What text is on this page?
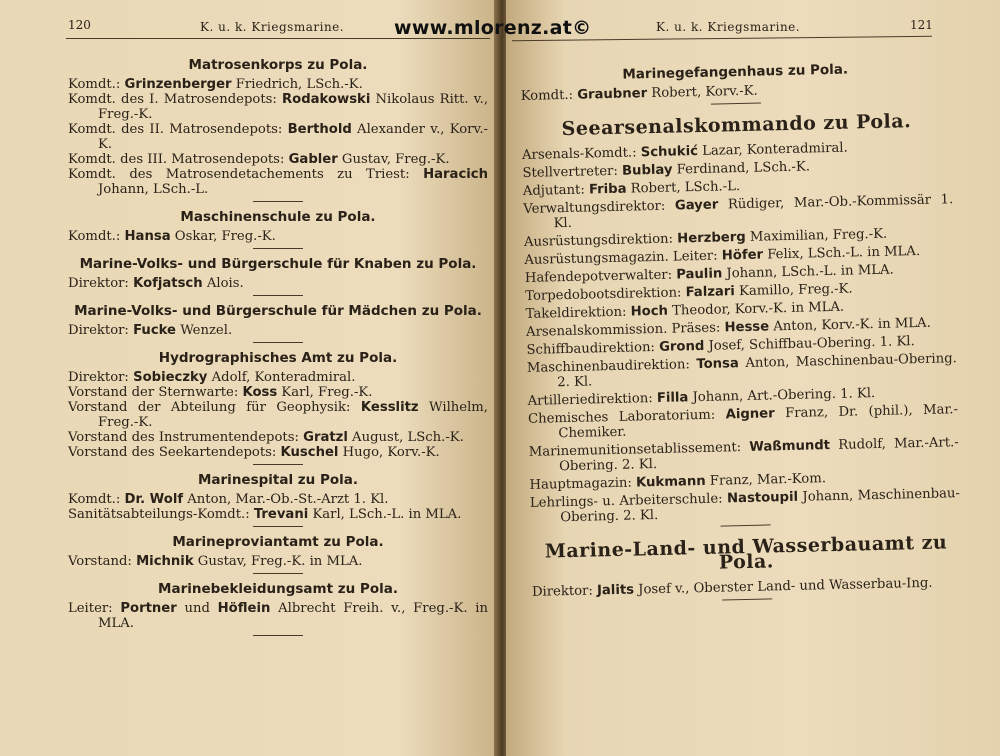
120	K. u. k. Kriegsmarine.
Matrosenkorps zu Pola.

Komdt.: Grinzenberger Friedrich, LSch.-K.

Komdt. des I. Matrosendepots: Rodakowski Nikolaus Ritt. v., Freg.-K.

Komdt. des II. Matrosendepots: Berthold Alexander v., Korv.-K.

Komdt. des III. Matrosendepots: Gabler Gustav, Freg.-K.

Komdt. des Matrosendetachements zu Triest: Haracich Johann, LSch.-L.

Maschinenschule zu Pola.

Komdt.: Hansa Oskar, Freg.-K.

Marine-Volks- und Bürgerschule für Knaben zu Pola.

Direktor: Kofjatsch Alois.

Marine-Volks- und Bürgerschule für Mädchen zu Pola.

Direktor: Fucke Wenzel.

Hydrographisches Amt zu Pola.

Direktor: Sobieczky Adolf, Konteradmiral.

Vorstand der Sternwarte: Koss Karl, Freg.-K.

Vorstand der Abteilung für Geophysik: Kesslitz Wilhelm, Freg.-K.

Vorstand des Instrumentendepots: Gratzl August, LSch.-K.

Vorstand des Seekartendepots: Kuschel Hugo, Korv.-K.

Marinespital zu Pola.

Komdt.: Dr. Wolf Anton, Mar.-Ob.-St.-Arzt 1. Kl.

Sanitätsabteilungs-Komdt.: Trevani Karl, LSch.-L. in MLA.

Marineproviantamt zu Pola.

Vorstand: Michnik Gustav, Freg.-K. in MLA.

Marinebekleidungsamt zu Pola.

Leiter: Portner und Höflein Albrecht Freih. v., Freg.-K. in MLA.

K. u. k. Kriegsmarine.	121
Marinegefangenhaus zu Pola.

Komdt.: Graubner Robert, Korv.-K.

Seearsenalskommando zu Pola.

Arsenals-Komdt.: Schukić Lazar, Konteradmiral.

Stellvertreter: Bublay Ferdinand, LSch.-K.

Adjutant: Friba Robert, LSch.-L.

Verwaltungsdirektor: Gayer Rüdiger, Mar.-Ob.-Kommissär 1. Kl.

Ausrüstungsdirektion: Herzberg Maximilian, Freg.-K.

Ausrüstungsmagazin. Leiter: Höfer Felix, LSch.-L. in MLA.

Hafendepotverwalter: Paulin Johann, LSch.-L. in MLA.

Torpedobootsdirektion: Falzari Kamillo, Freg.-K.

Takeldirektion: Hoch Theodor, Korv.-K. in MLA.

Arsenalskommission. Präses: Hesse Anton, Korv.-K. in MLA.

Schiffbaudirektion: Grond Josef, Schiffbau-Obering. 1. Kl.

Maschinenbaudirektion: Tonsa Anton, Maschinenbau-Obering. 2. Kl.

Artilleriedirektion: Filla Johann, Art.-Obering. 1. Kl.

Chemisches Laboratorium: Aigner Franz, Dr. (phil.), Mar.-Chemiker.

Marinemunitionsetablissement: Waßmundt Rudolf, Mar.-Art.-Obering. 2. Kl.

Hauptmagazin: Kukmann Franz, Mar.-Kom.

Lehrlings- u. Arbeiterschule: Nastoupil Johann, Maschinenbau-Obering. 2. Kl.

Marine-Land- und Wasserbauamt zu Pola.

Direktor: Jalits Josef v., Oberster Land- und Wasserbau-Ing.

www.mlorenz.at©
